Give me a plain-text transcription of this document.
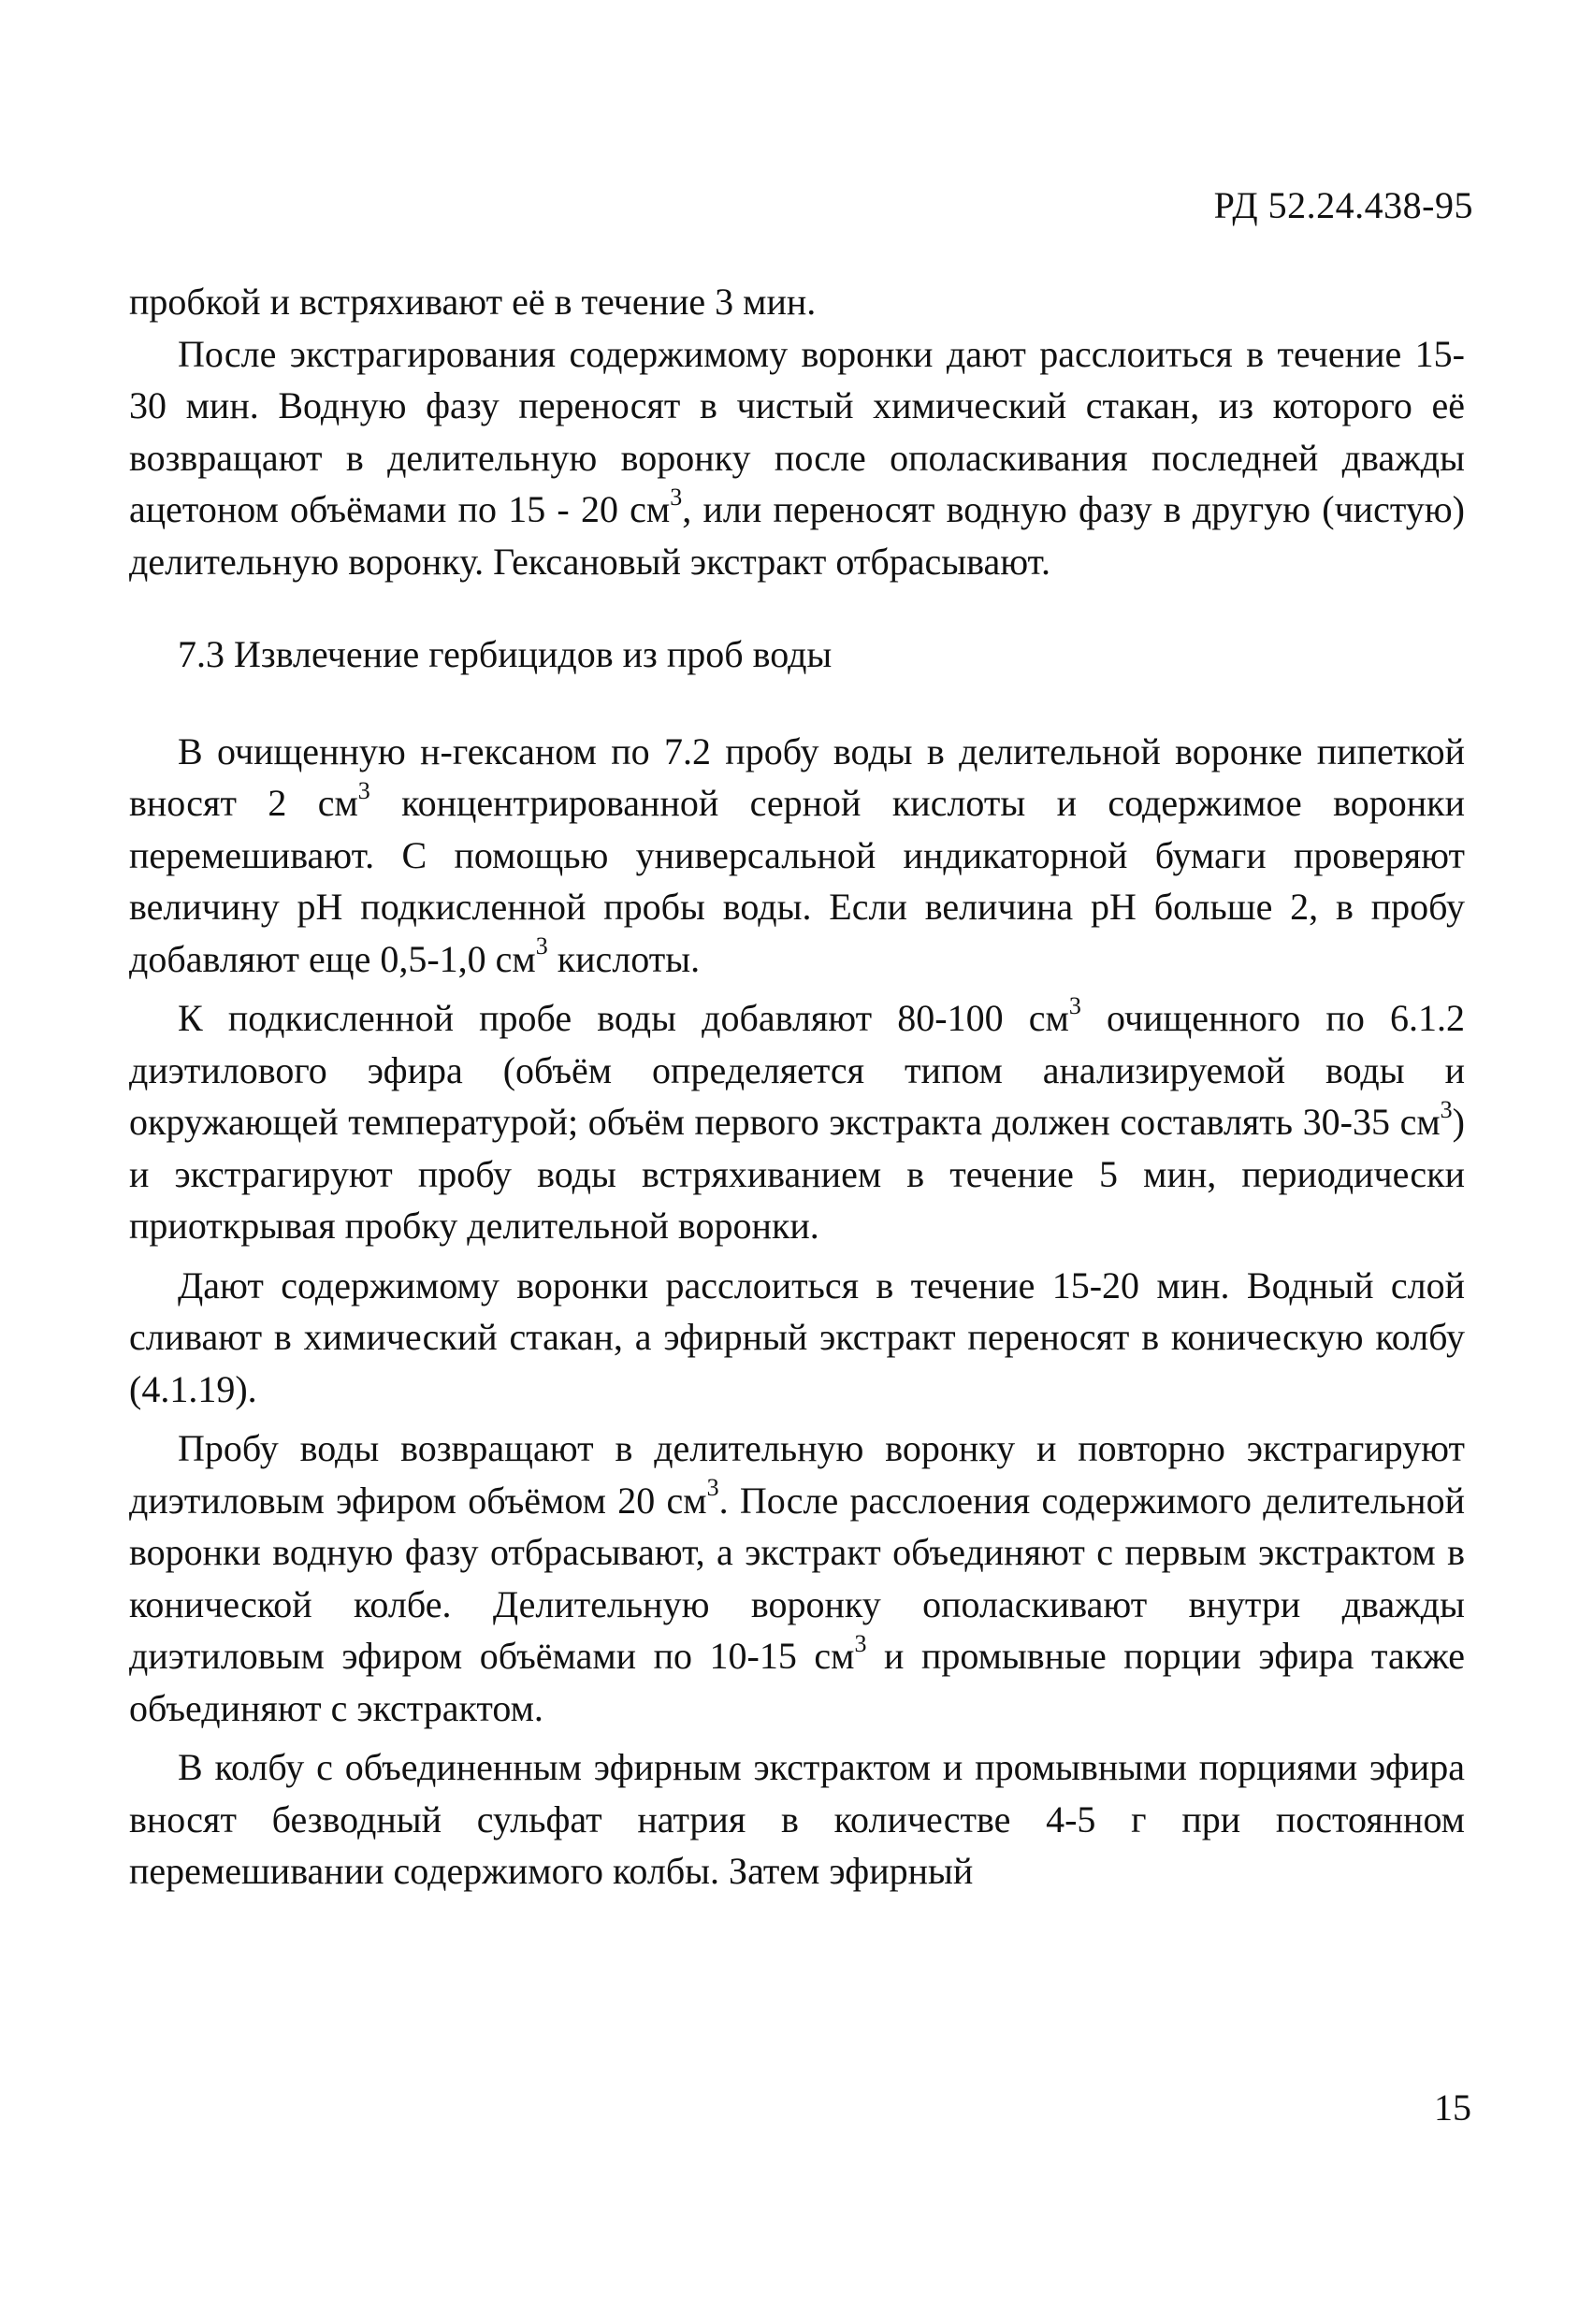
РД 52.24.438-95

пробкой и встряхивают её в течение 3 мин.

После экстрагирования содержимому воронки дают расслоиться в течение 15-30 мин. Водную фазу переносят в чистый химический стакан, из которого её возвращают в делительную воронку после ополаскивания последней дважды ацетоном объёмами по 15 - 20 $см^3$, или переносят водную фазу в другую (чистую) делительную воронку. Гексановый экстракт отбрасывают.

7.3 Извлечение гербицидов из проб воды

В очищенную н-гексаном по 7.2 пробу воды в делительной воронке пипеткой вносят 2 $см^3$ концентрированной серной кислоты и содержимое воронки перемешивают. С помощью универсальной индикаторной бумаги проверяют величину рН подкисленной пробы воды. Если величина рН больше 2, в пробу добавляют еще 0,5-1,0 $см^3$ кислоты.

К подкисленной пробе воды добавляют 80-100 $см^3$ очищенного по 6.1.2 диэтилового эфира (объём определяется типом анализируемой воды и окружающей температурой; объём первого экстракта должен составлять 30-35 $см^3$) и экстрагируют пробу воды встряхиванием в течение 5 мин, периодически приоткрывая пробку делительной воронки.

Дают содержимому воронки расслоиться в течение 15-20 мин. Водный слой сливают в химический стакан, а эфирный экстракт переносят в коническую колбу (4.1.19).

Пробу воды возвращают в делительную воронку и повторно экстрагируют диэтиловым эфиром объёмом 20 $см^3$. После расслоения содержимого делительной воронки водную фазу отбрасывают, а экстракт объединяют с первым экстрактом в конической колбе. Делительную воронку ополаскивают внутри дважды диэтиловым эфиром объёмами по 10-15 $см^3$ и промывные порции эфира также объединяют с экстрактом.

В колбу с объединенным эфирным экстрактом и промывными порциями эфира вносят безводный сульфат натрия в количестве 4-5 г при постоянном перемешивании содержимого колбы. Затем эфирный

15
